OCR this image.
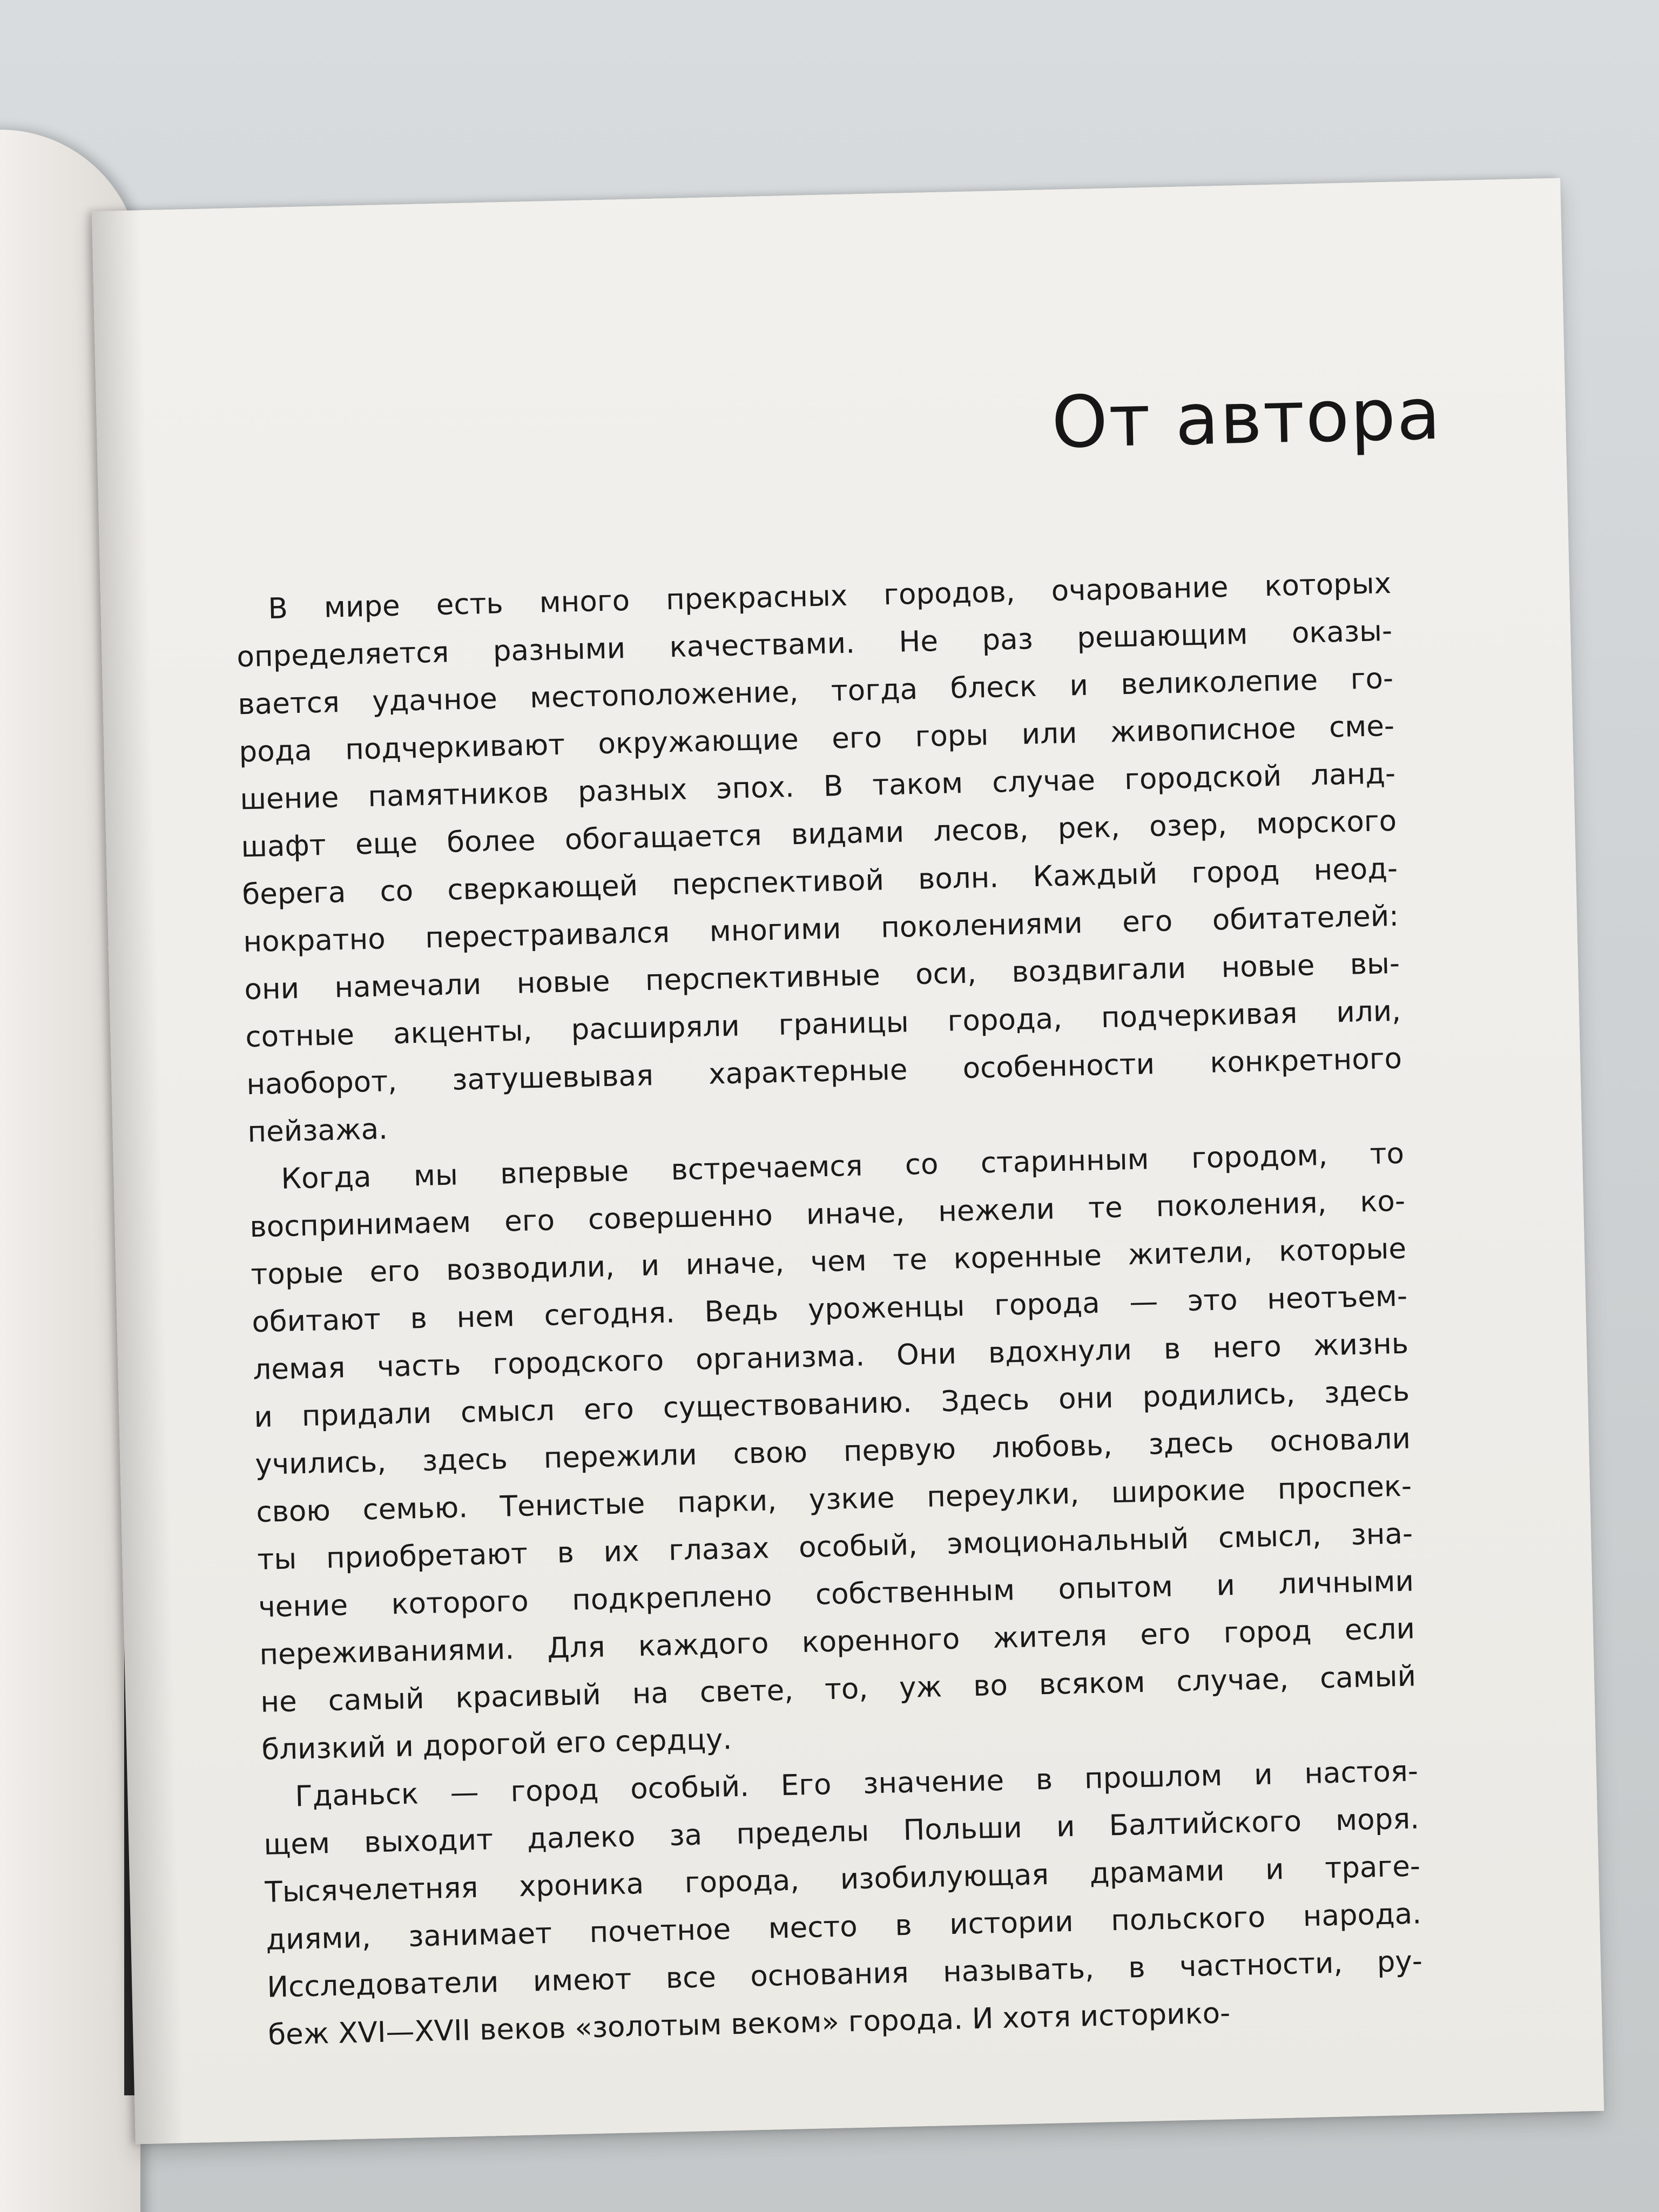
От автора
В мире есть много прекрасных городов, очарование которых
определяется разными качествами. Не раз решающим оказы-
вается удачное местоположение, тогда блеск и великолепие го-
рода подчеркивают окружающие его горы или живописное сме-
шение памятников разных эпох. В таком случае городской ланд-
шафт еще более обогащается видами лесов, рек, озер, морского
берега со сверкающей перспективой волн. Каждый город неод-
нократно перестраивался многими поколениями его обитателей:
они намечали новые перспективные оси, воздвигали новые вы-
сотные акценты, расширяли границы города, подчеркивая или,
наоборот, затушевывая характерные особенности конкретного
пейзажа.
Когда мы впервые встречаемся со старинным городом, то
воспринимаем его совершенно иначе, нежели те поколения, ко-
торые его возводили, и иначе, чем те коренные жители, которые
обитают в нем сегодня. Ведь уроженцы города — это неотъем-
лемая часть городского организма. Они вдохнули в него жизнь
и придали смысл его существованию. Здесь они родились, здесь
учились, здесь пережили свою первую любовь, здесь основали
свою семью. Тенистые парки, узкие переулки, широкие проспек-
ты приобретают в их глазах особый, эмоциональный смысл, зна-
чение которого подкреплено собственным опытом и личными
переживаниями. Для каждого коренного жителя его город если
не самый красивый на свете, то, уж во всяком случае, самый
близкий и дорогой его сердцу.
Гданьск — город особый. Его значение в прошлом и настоя-
щем выходит далеко за пределы Польши и Балтийского моря.
Тысячелетняя хроника города, изобилующая драмами и траге-
диями, занимает почетное место в истории польского народа.
Исследователи имеют все основания называть, в частности, ру-
беж XVI—XVII веков «золотым веком» города. И хотя историко-
